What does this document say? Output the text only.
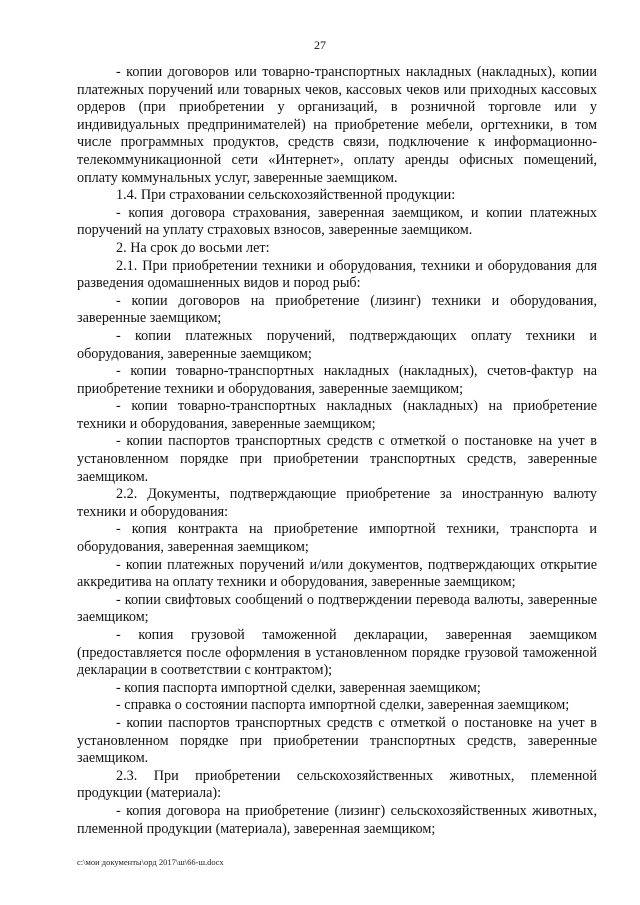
27

- копии договоров или товарно-транспортных накладных (накладных), копии платежных поручений или товарных чеков, кассовых чеков или приходных кассовых ордеров (при приобретении у организаций, в розничной торговле или у индивидуальных предпринимателей) на приобретение мебели, оргтехники, в том числе программных продуктов, средств связи, подключение к информационно-телекоммуникационной сети «Интернет», оплату аренды офисных помещений, оплату коммунальных услуг, заверенные заемщиком.

1.4. При страховании сельскохозяйственной продукции:

- копия договора страхования, заверенная заемщиком, и копии платежных поручений на уплату страховых взносов, заверенные заемщиком.

2. На срок до восьми лет:

2.1. При приобретении техники и оборудования, техники и оборудования для разведения одомашненных видов и пород рыб:

- копии договоров на приобретение (лизинг) техники и оборудования, заверенные заемщиком;

- копии платежных поручений, подтверждающих оплату техники и оборудования, заверенные заемщиком;

- копии товарно-транспортных накладных (накладных), счетов-фактур на приобретение техники и оборудования, заверенные заемщиком;

- копии товарно-транспортных накладных (накладных) на приобретение техники и оборудования, заверенные заемщиком;

- копии паспортов транспортных средств с отметкой о постановке на учет в установленном порядке при приобретении транспортных средств, заверенные заемщиком.

2.2. Документы, подтверждающие приобретение за иностранную валюту техники и оборудования:

- копия контракта на приобретение импортной техники, транспорта и оборудования, заверенная заемщиком;

- копии платежных поручений и/или документов, подтверждающих открытие аккредитива на оплату техники и оборудования, заверенные заемщиком;

- копии свифтовых сообщений о подтверждении перевода валюты, заверенные заемщиком;

- копия грузовой таможенной декларации, заверенная заемщиком (предоставляется после оформления в установленном порядке грузовой таможенной декларации в соответствии с контрактом);

- копия паспорта импортной сделки, заверенная заемщиком;

- справка о состоянии паспорта импортной сделки, заверенная заемщиком;

- копии паспортов транспортных средств с отметкой о постановке на учет в установленном порядке при приобретении транспортных средств, заверенные заемщиком.

2.3. При приобретении сельскохозяйственных животных, племенной продукции (материала):

- копия договора на приобретение (лизинг) сельскохозяйственных животных, племенной продукции (материала), заверенная заемщиком;

c:\мои документы\орд 2017\ш\66-ш.docx
